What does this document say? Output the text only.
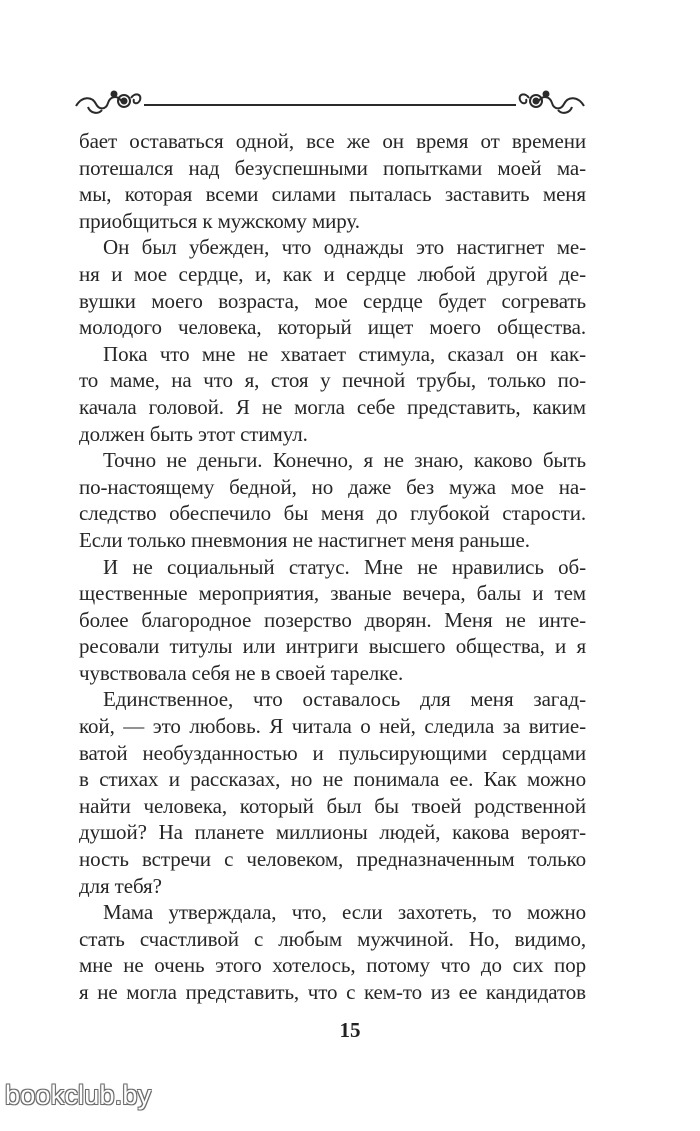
бает оставаться одной, все же он время от времени
потешался над безуспешными попытками моей ма-
мы, которая всеми силами пыталась заставить меня
приобщиться к мужскому миру.

Он был убежден, что однажды это настигнет ме-
ня и мое сердце, и, как и сердце любой другой де-
вушки моего возраста, мое сердце будет согревать
молодого человека, который ищет моего общества.

Пока что мне не хватает стимула, сказал он как-
то маме, на что я, стоя у печной трубы, только по-
качала головой. Я не могла себе представить, каким
должен быть этот стимул.

Точно не деньги. Конечно, я не знаю, каково быть
по-настоящему бедной, но даже без мужа мое на-
следство обеспечило бы меня до глубокой старости.
Если только пневмония не настигнет меня раньше.

И не социальный статус. Мне не нравились об-
щественные мероприятия, званые вечера, балы и тем
более благородное позерство дворян. Меня не инте-
ресовали титулы или интриги высшего общества, и я
чувствовала себя не в своей тарелке.

Единственное, что оставалось для меня загад-
кой, — это любовь. Я читала о ней, следила за витие-
ватой необузданностью и пульсирующими сердцами
в стихах и рассказах, но не понимала ее. Как можно
найти человека, который был бы твоей родственной
душой? На планете миллионы людей, какова вероят-
ность встречи с человеком, предназначенным только
для тебя?

Мама утверждала, что, если захотеть, то можно
стать счастливой с любым мужчиной. Но, видимо,
мне не очень этого хотелось, потому что до сих пор
я не могла представить, что с кем-то из ее кандидатов

15
bookclub.by
